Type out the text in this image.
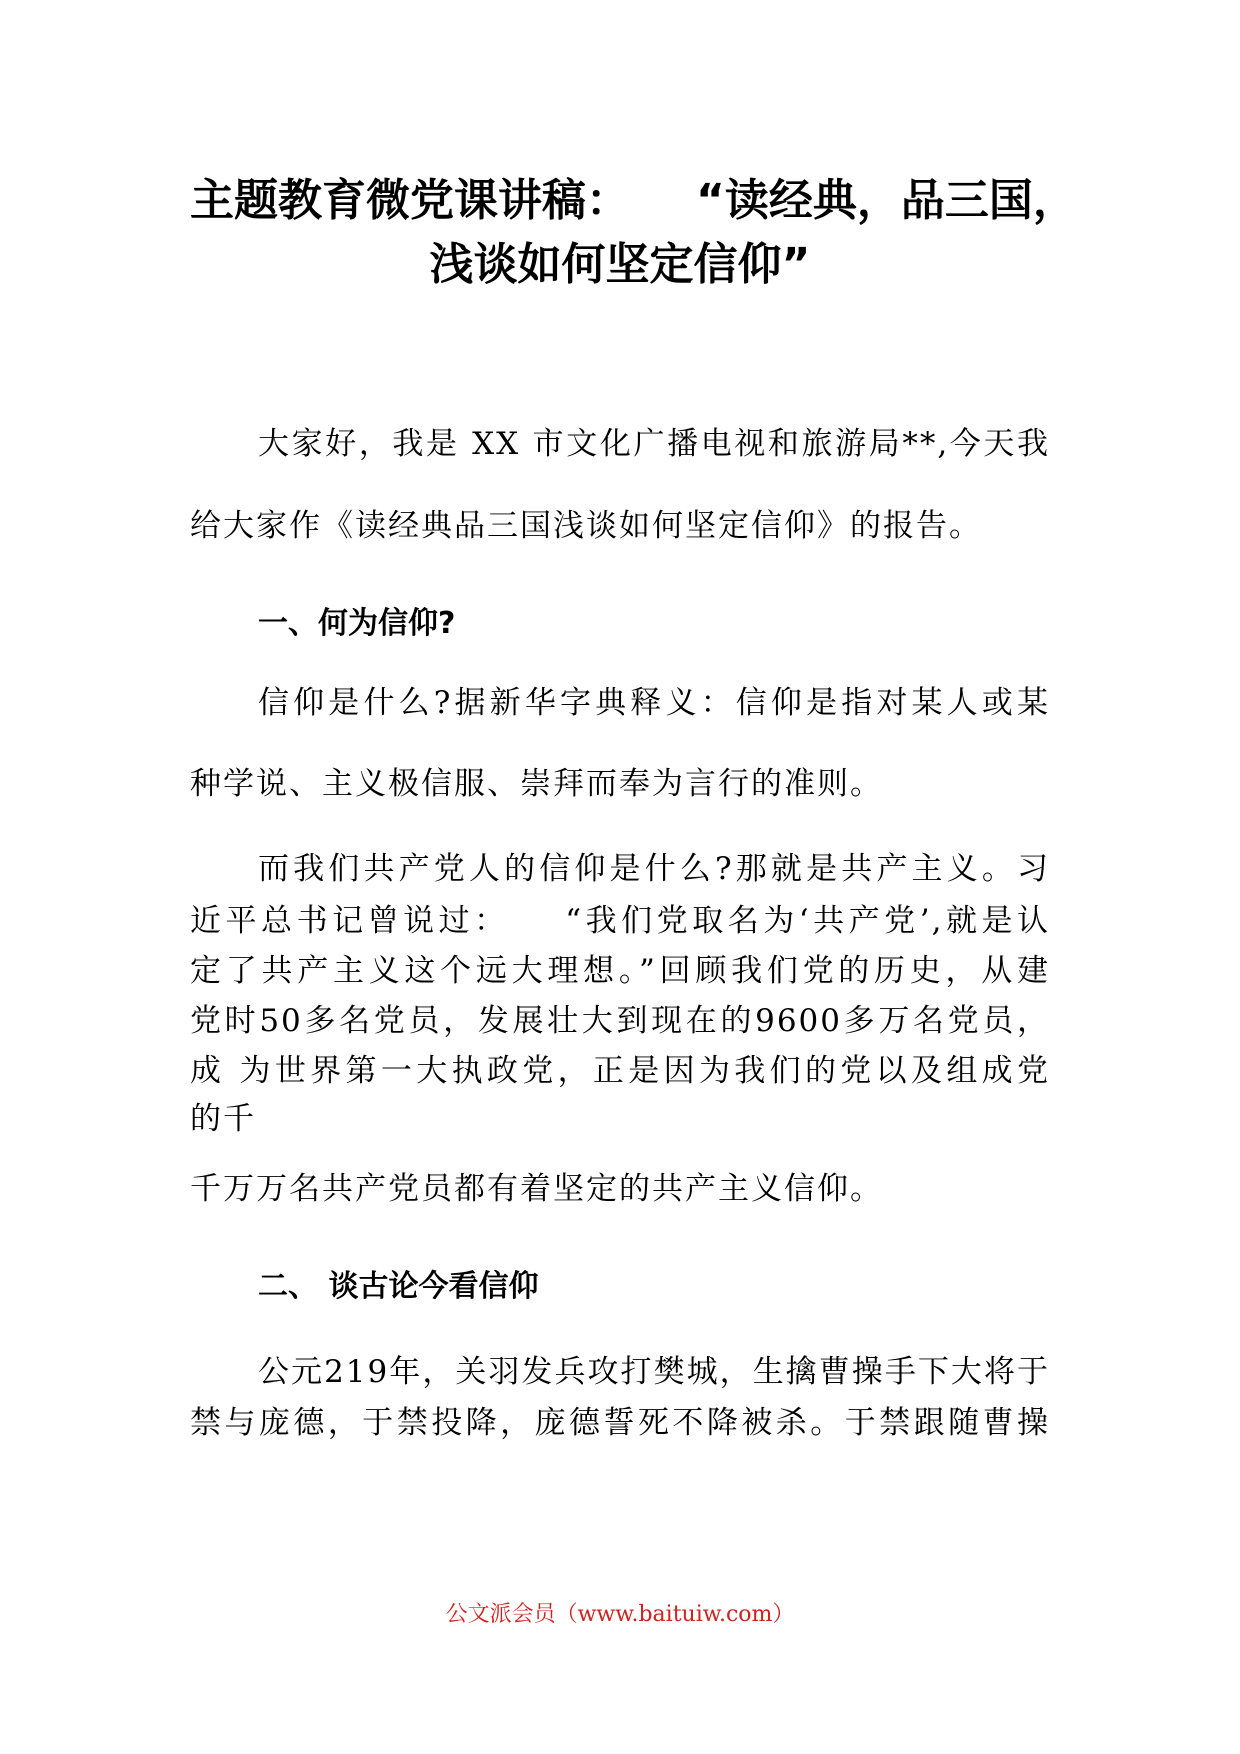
主题教育微党课讲稿：　　“读经典，品三国，
浅谈如何坚定信仰”
大家好，我是 XX 市文化广播电视和旅游局**,今天我
给大家作《读经典品三国浅谈如何坚定信仰》的报告。
一、何为信仰?
信仰是什么?据新华字典释义：信仰是指对某人或某
种学说、主义极信服、崇拜而奉为言行的准则。
而我们共产党人的信仰是什么?那就是共产主义。习
近平总书记曾说过：　　“我们党取名为‘共产党’,就是认
定了共产主义这个远大理想。”回顾我们党的历史，从建
党时50多名党员，发展壮大到现在的9600多万名党员，
成 为世界第一大执政党，正是因为我们的党以及组成党
的千
千万万名共产党员都有着坚定的共产主义信仰。
二、 谈古论今看信仰
公元219年，关羽发兵攻打樊城，生擒曹操手下大将于
禁与庞德，于禁投降，庞德誓死不降被杀。于禁跟随曹操
公文派会员（www.baituiw.com）
